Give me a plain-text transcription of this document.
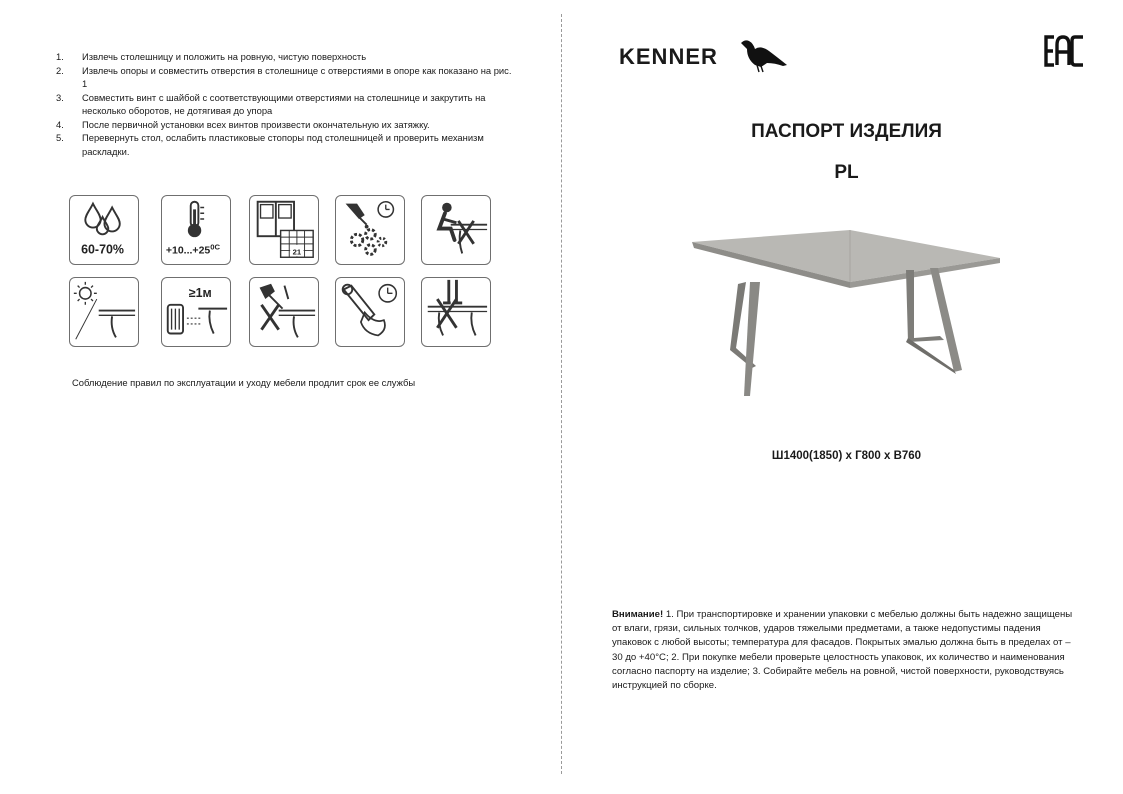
1. Извлечь столешницу и положить на ровную, чистую поверхность
2. Извлечь опоры и совместить отверстия в столешнице с отверстиями в опоре как показано на рис. 1
3. Совместить винт с шайбой с соответствующими отверстиями на столешнице и закрутить на несколько оборотов, не дотягивая до упора
4. После первичной установки всех винтов произвести окончательную их затяжку.
5. Перевернуть стол, ослабить пластиковые стопоры под столешницей и проверить механизм раскладки.
60-70%	$+10...+25^{0C}$
21
≥1м
Соблюдение правил по эксплуатации и уходу мебели продлит срок ее службы
KENNER
ПАСПОРТ ИЗДЕЛИЯ
PL
Ш1400(1850) х Г800 х В760
Внимание! 1. При транспортировке и хранении упаковки с мебелью должны быть надежно защищены от влаги, грязи, сильных толчков, ударов тяжелыми предметами, а также недопустимы падения упаковок с любой высоты; температура для фасадов. Покрытых эмалью должна быть в пределах от –30 до +40°С; 2. При покупке мебели проверьте целостность упаковок, их количество и наименования согласно паспорту на изделие; 3. Собирайте мебель на ровной, чистой поверхности, руководствуясь инструкцией по сборке.
